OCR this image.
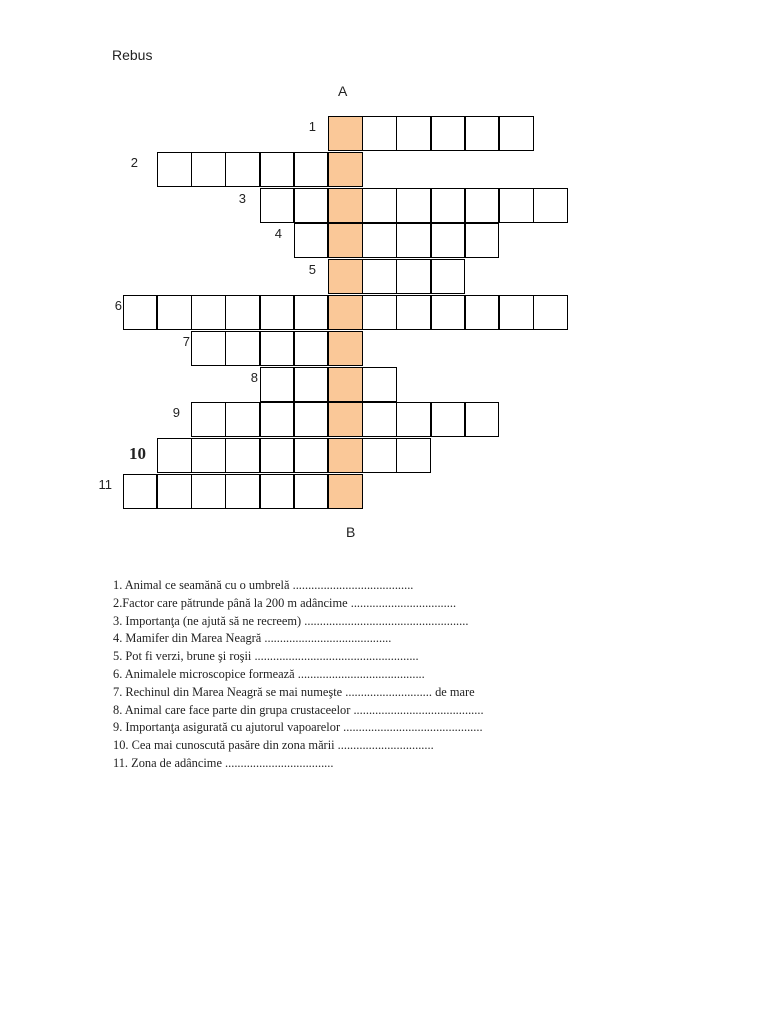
Rebus
A
B
1
2
3
4
5
6
7
8
9
10
11
1. Animal ce seamănă cu o umbrelă .......................................
2.Factor care pătrunde până la 200 m adâncime ..................................
3. Importanţa (ne ajută să ne recreem) .....................................................
4. Mamifer din Marea Neagră .........................................
5. Pot fi verzi, brune şi roşii .....................................................
6. Animalele microscopice formează .........................................
7. Rechinul din Marea Neagră se mai numeşte ............................ de mare
8. Animal care face parte din grupa crustaceelor ..........................................
9. Importanţa asigurată cu ajutorul vapoarelor .............................................
10. Cea mai cunoscută pasăre din zona mării ...............................
11. Zona de adâncime ...................................
